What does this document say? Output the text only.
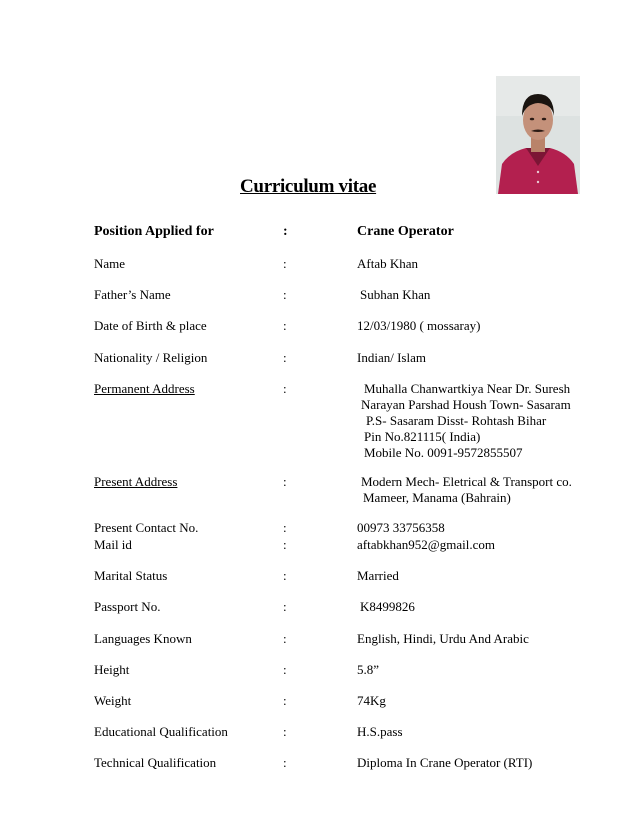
Curriculum vitae
Position Applied for	:	Crane Operator
Name	:	Aftab Khan
Father’s Name	:	Subhan Khan
Date of Birth & place	:	12/03/1980 ( mossaray)
Nationality / Religion	:	Indian/ Islam
Permanent Address	:	Muhalla Chanwartkiya Near Dr. Suresh
Narayan Parshad Housh Town- Sasaram
P.S- Sasaram Disst- Rohtash Bihar
Pin No.821115( India)
Mobile No. 0091-9572855507
Present Address	:	Modern Mech- Eletrical & Transport co.
Mameer, Manama (Bahrain)
Present Contact No.	:	00973 33756358
Mail id	:	aftabkhan952@gmail.com
Marital Status	:	Married
Passport No.	:	K8499826
Languages Known	:	English, Hindi, Urdu And Arabic
Height	:	5.8”
Weight	:	74Kg
Educational Qualification	:	H.S.pass
Technical Qualification	:	Diploma In Crane Operator (RTI)
